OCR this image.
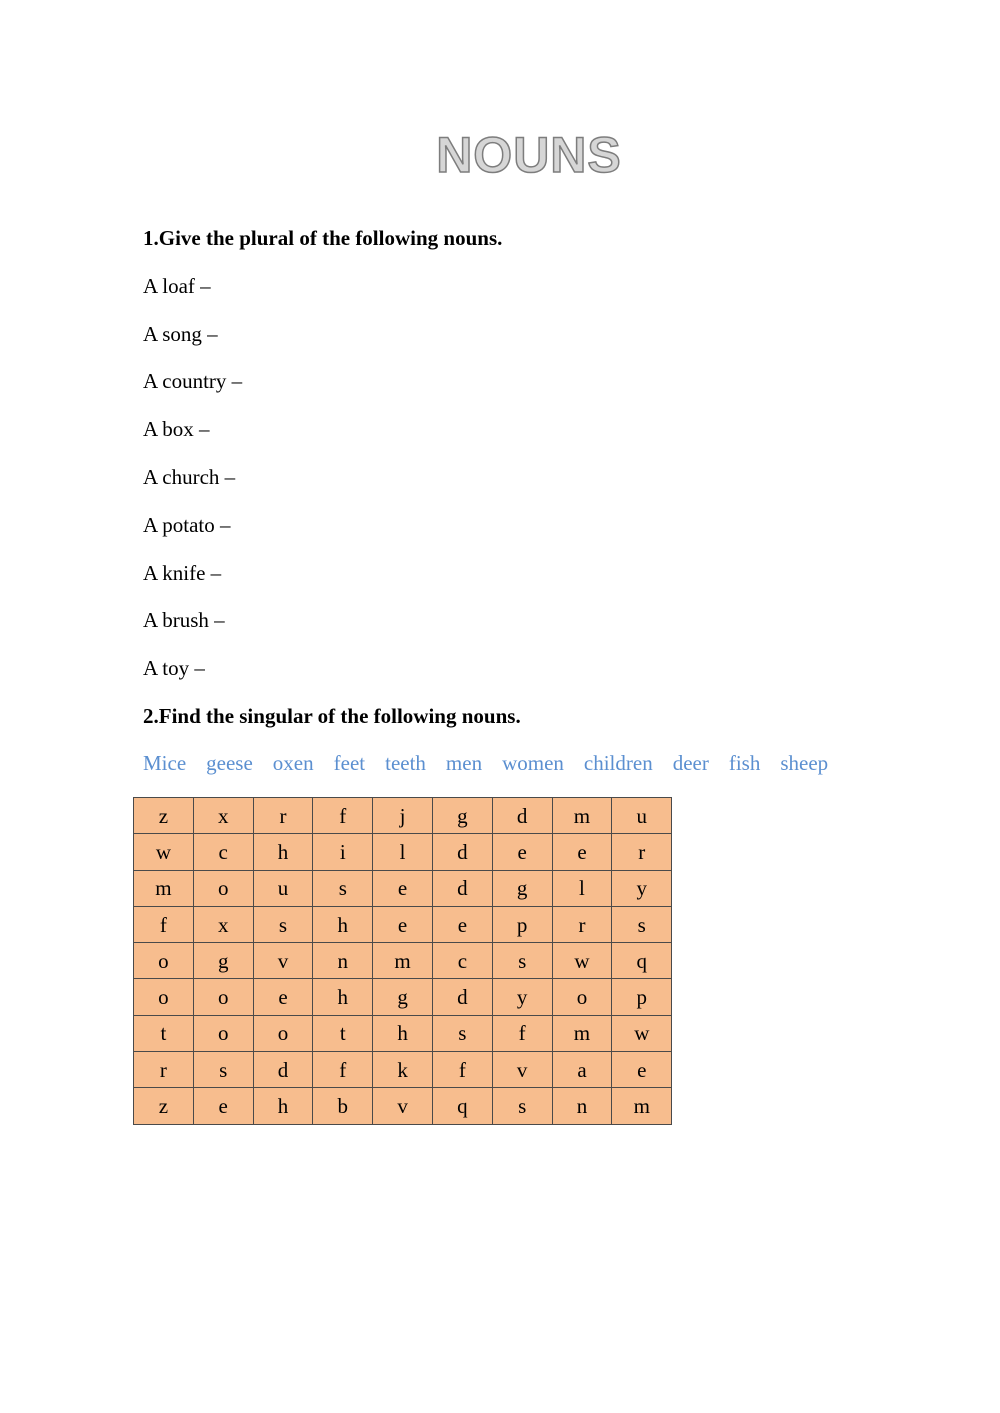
NOUNS

1.Give the plural of the following nouns.

A loaf –
A song –
A country –
A box –
A church –
A potato –
A knife –
A brush –
A toy –

2.Find the singular of the following nouns.

Mice geese oxen feet teeth men women children deer fish sheep
z	x	r	f	j	g	d	m	u
w	c	h	i	l	d	e	e	r
m	o	u	s	e	d	g	l	y
f	x	s	h	e	e	p	r	s
o	g	v	n	m	c	s	w	q
o	o	e	h	g	d	y	o	p
t	o	o	t	h	s	f	m	w
r	s	d	f	k	f	v	a	e
z	e	h	b	v	q	s	n	m
